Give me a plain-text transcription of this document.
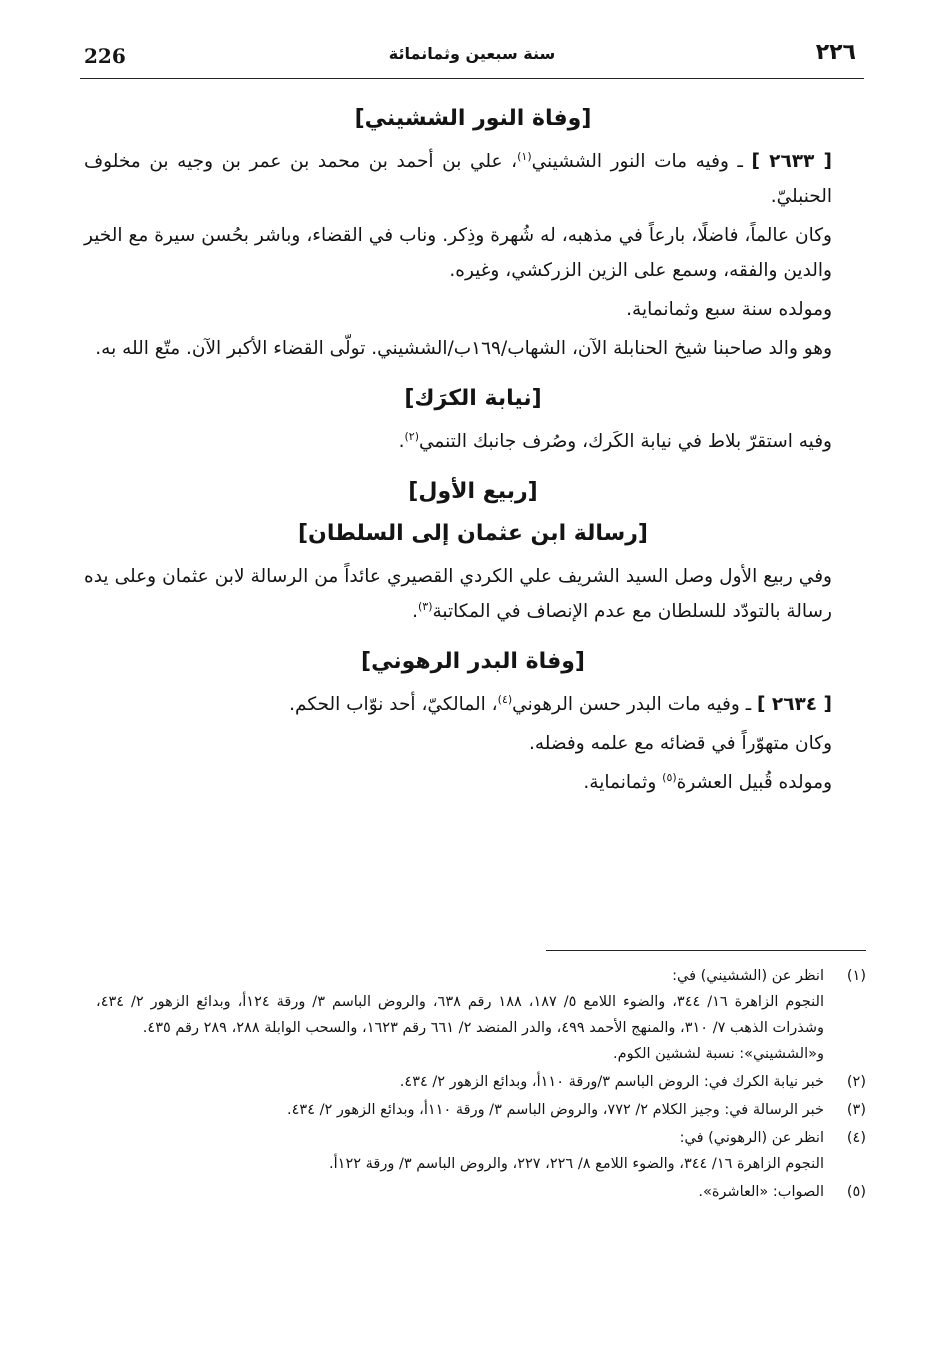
226	سنة سبعين وثمانمائة	٢٢٦
[وفاة النور الششيني]

[ ٢٦٣٣ ] ـ وفيه مات النور الششيني$^{(١)}$، علي بن أحمد بن محمد بن عمر بن وجيه بن مخلوف الحنبليّ.

وكان عالماً، فاضلًا، بارعاً في مذهبه، له شُهرة وذِكر. وناب في القضاء، وباشر بحُسن سيرة مع الخير والدين والفقه، وسمع على الزين الزركشي، وغيره.

ومولده سنة سبع وثمانماية.

وهو والد صاحبنا شيخ الحنابلة الآن، الشهاب/١٦٩ب/الششيني. تولّى القضاء الأكبر الآن. متّع الله به.

[نيابة الكرَك]

وفيه استقرّ بلاط في نيابة الكَرك، وصُرف جانبك التنمي$^{(٢)}$.

[ربيع الأول]
[رسالة ابن عثمان إلى السلطان]

وفي ربيع الأول وصل السيد الشريف علي الكردي القصيري عائداً من الرسالة لابن عثمان وعلى يده رسالة بالتودّد للسلطان مع عدم الإنصاف في المكاتبة$^{(٣)}$.

[وفاة البدر الرهوني]

[ ٢٦٣٤ ] ـ وفيه مات البدر حسن الرهوني$^{(٤)}$، المالكيّ، أحد نوّاب الحكم.

وكان متهوّراً في قضائه مع علمه وفضله.

ومولده قُبيل العشرة$^{(٥)}$ وثمانماية.

(١)
انظر عن (الششيني) في:
النجوم الزاهرة ١٦/ ٣٤٤، والضوء اللامع ٥/ ١٨٧، ١٨٨ رقم ٦٣٨، والروض الباسم ٣/ ورقة ١٢٤أ، وبدائع الزهور ٢/ ٤٣٤، وشذرات الذهب ٧/ ٣١٠، والمنهج الأحمد ٤٩٩، والدر المنضد ٢/ ٦٦١ رقم ١٦٢٣، والسحب الوابلة ٢٨٨، ٢٨٩ رقم ٤٣٥.
و«الششيني»: نسبة لششين الكوم.
(٢)
خبر نيابة الكرك في: الروض الباسم ٣/ورقة ١١٠أ، وبدائع الزهور ٢/ ٤٣٤.
(٣)
خبر الرسالة في: وجيز الكلام ٢/ ٧٧٢، والروض الباسم ٣/ ورقة ١١٠أ، وبدائع الزهور ٢/ ٤٣٤.
(٤)
انظر عن (الرهوني) في:
النجوم الزاهرة ١٦/ ٣٤٤، والضوء اللامع ٨/ ٢٢٦، ٢٢٧، والروض الباسم ٣/ ورقة ١٢٢أ.
(٥)
الصواب: «العاشرة».
